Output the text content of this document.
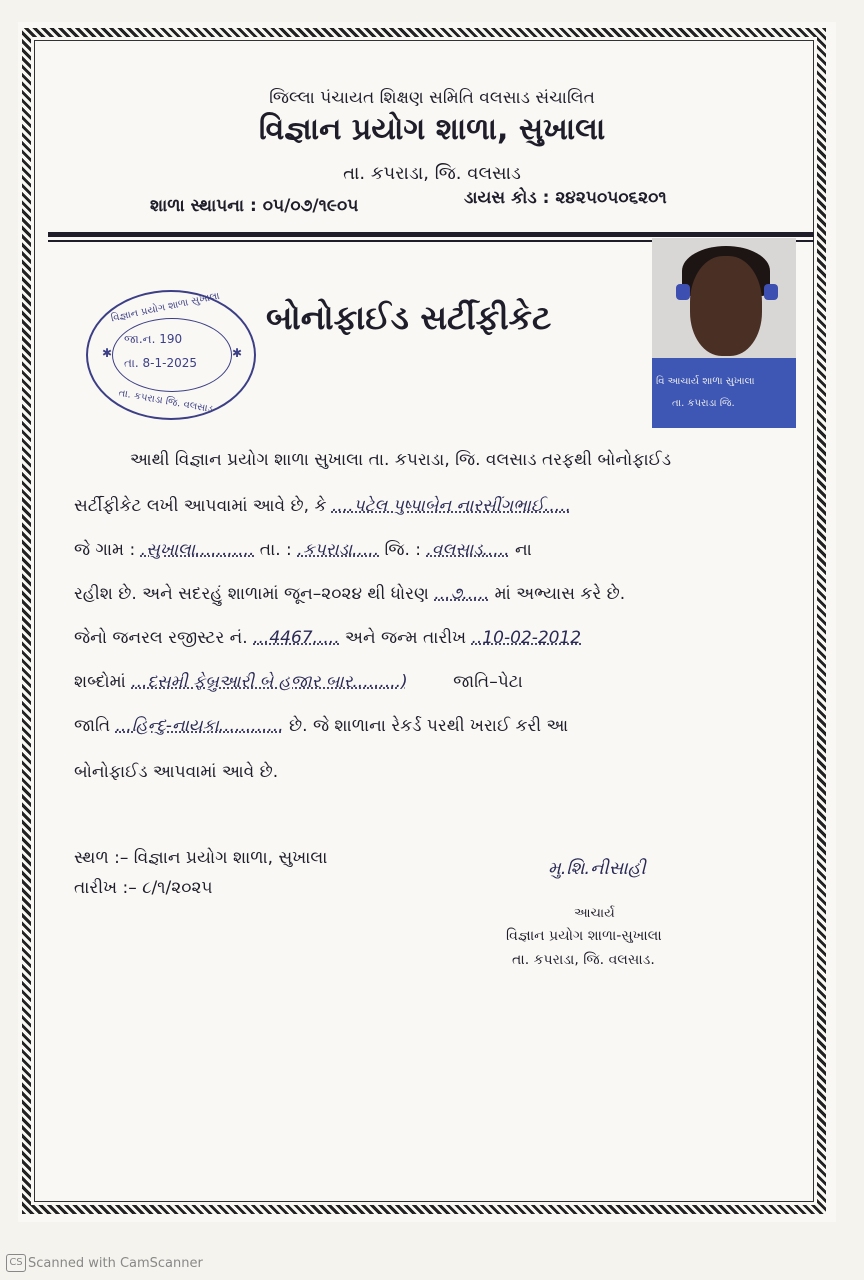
જિલ્લા પંચાયત શિક્ષણ સમિતિ વલસાડ સંચાલિત
વિજ્ઞાન પ્રયોગ શાળા, સુખાલા
તા. કપરાડા, જિ. વલસાડ
શાળા સ્થાપના : ૦૫/૦૭/૧૯૦૫	ડાયસ કોડ : ૨૪૨૫૦૫૦૬૨૦૧
વિજ્ઞાન પ્રયોગ શાળા સુખાલા
✱
જા.ન. 190
તા. 8-1-2025
✱
તા. કપરાડા જિ. વલસાડ
બોનોફાઈડ સર્ટીફીકેટ
વિ આચાર્ય શાળા સુખાલા
તા. કપરાડા જિ.
આથી વિજ્ઞાન પ્રયોગ શાળા સુખાલા તા. કપરાડા, જિ. વલસાડ તરફથી બોનોફાઈડ
સર્ટીફીકેટ લખી આપવામાં આવે છે, કે ....પટેલ પુષ્પાબેન નારસીંગભાઈ.....
જે ગામ : .સુખાલા........... તા. : .કપરાડા..... જિ. : .વલસાડ..... ના
રહીશ છે. અને સદરહું શાળામાં જૂન–૨૦૨૪ થી ધોરણ ...૭..... માં અભ્યાસ કરે છે.
જેનો જનરલ રજીસ્ટર નં. ...4467..... અને જન્મ તારીખ ..10-02-2012
શબ્દોમાં ...દસમી ફેબ્રુઆરી બે હજાર બાર.........)	જાતિ–પેટા
જાતિ ...હિન્દુ-નાયકા............ છે. જે શાળાના રેકર્ડ પરથી ખરાઈ કરી આ
બોનોફાઈડ આપવામાં આવે છે.
સ્થળ :– વિજ્ઞાન પ્રયોગ શાળા, સુખાલા
તારીખ :– ૮/૧/૨૦૨૫
મુ.શિ.નીસાહી
આચાર્ય
વિજ્ઞાન પ્રયોગ શાળા-સુખાલા
તા. કપરાડા, જિ. વલસાડ.
CS Scanned with CamScanner
